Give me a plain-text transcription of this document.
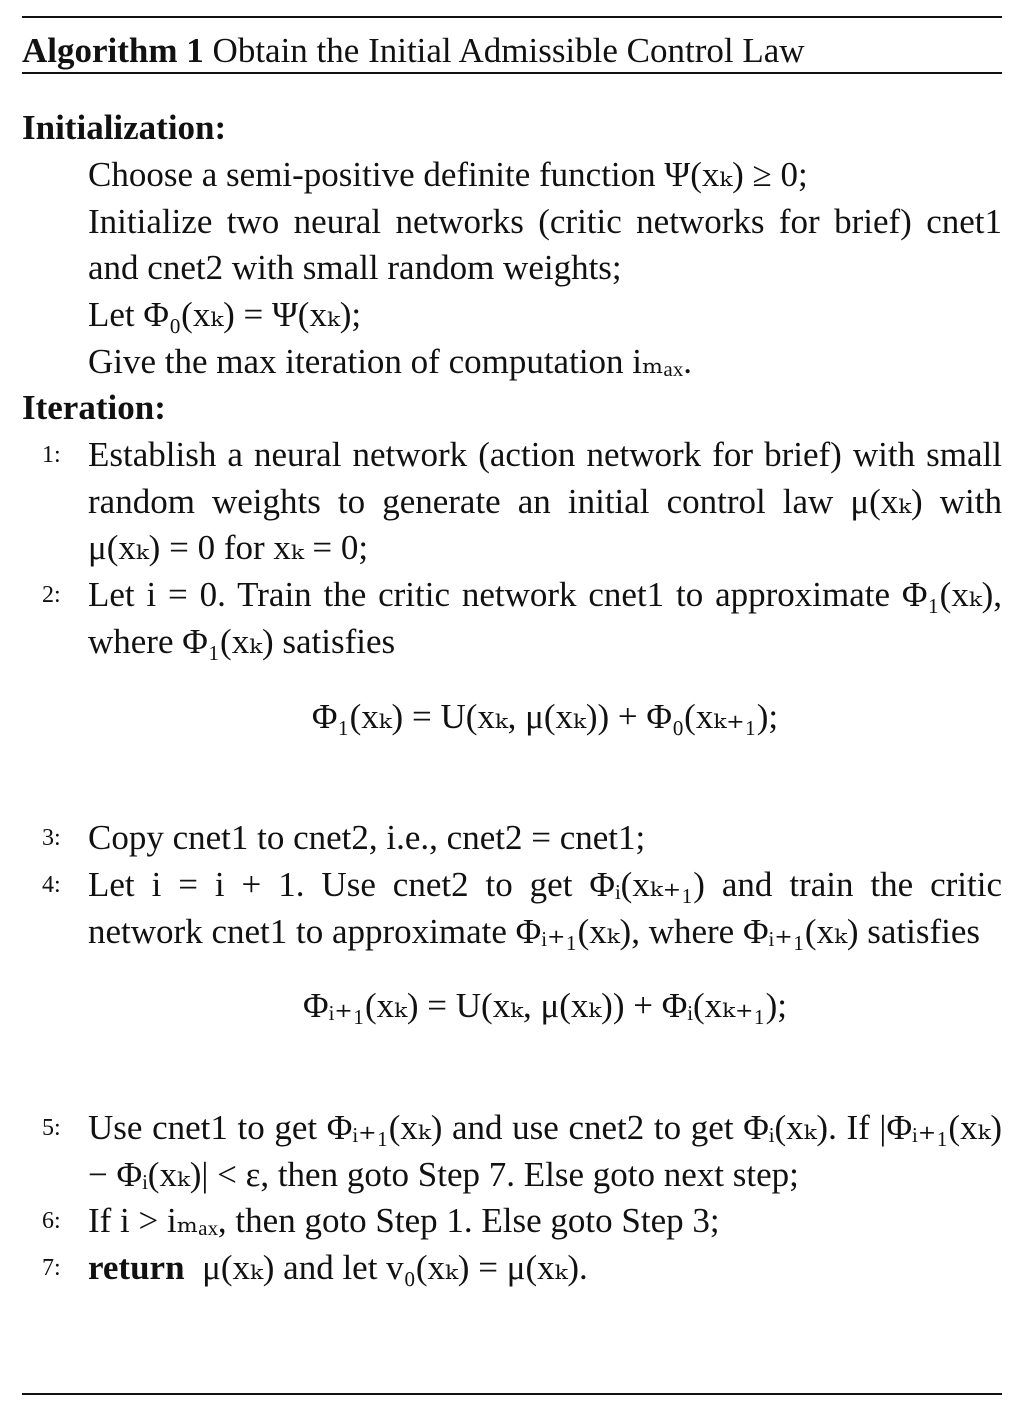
Algorithm 1 Obtain the Initial Admissible Control Law
Initialization:
Choose a semi-positive definite function Ψ(xₖ) ≥ 0;
Initialize two neural networks (critic networks for brief) cnet1 and cnet2 with small random weights;
Let Φ₀(xₖ) = Ψ(xₖ);
Give the max iteration of computation iₘₐₓ.
Iteration:
1: Establish a neural network (action network for brief) with small random weights to generate an initial control law μ(xₖ) with μ(xₖ) = 0 for xₖ = 0;
2: Let i = 0. Train the critic network cnet1 to approximate Φ₁(xₖ), where Φ₁(xₖ) satisfies
Φ₁(xₖ) = U(xₖ, μ(xₖ)) + Φ₀(xₖ₊₁);
3: Copy cnet1 to cnet2, i.e., cnet2 = cnet1;
4: Let i = i + 1. Use cnet2 to get Φᵢ(xₖ₊₁) and train the critic network cnet1 to approximate Φᵢ₊₁(xₖ), where Φᵢ₊₁(xₖ) satisfies
Φᵢ₊₁(xₖ) = U(xₖ, μ(xₖ)) + Φᵢ(xₖ₊₁);
5: Use cnet1 to get Φᵢ₊₁(xₖ) and use cnet2 to get Φᵢ(xₖ). If |Φᵢ₊₁(xₖ) − Φᵢ(xₖ)| < ε, then goto Step 7. Else goto next step;
6: If i > iₘₐₓ, then goto Step 1. Else goto Step 3;
7: return μ(xₖ) and let v₀(xₖ) = μ(xₖ).
